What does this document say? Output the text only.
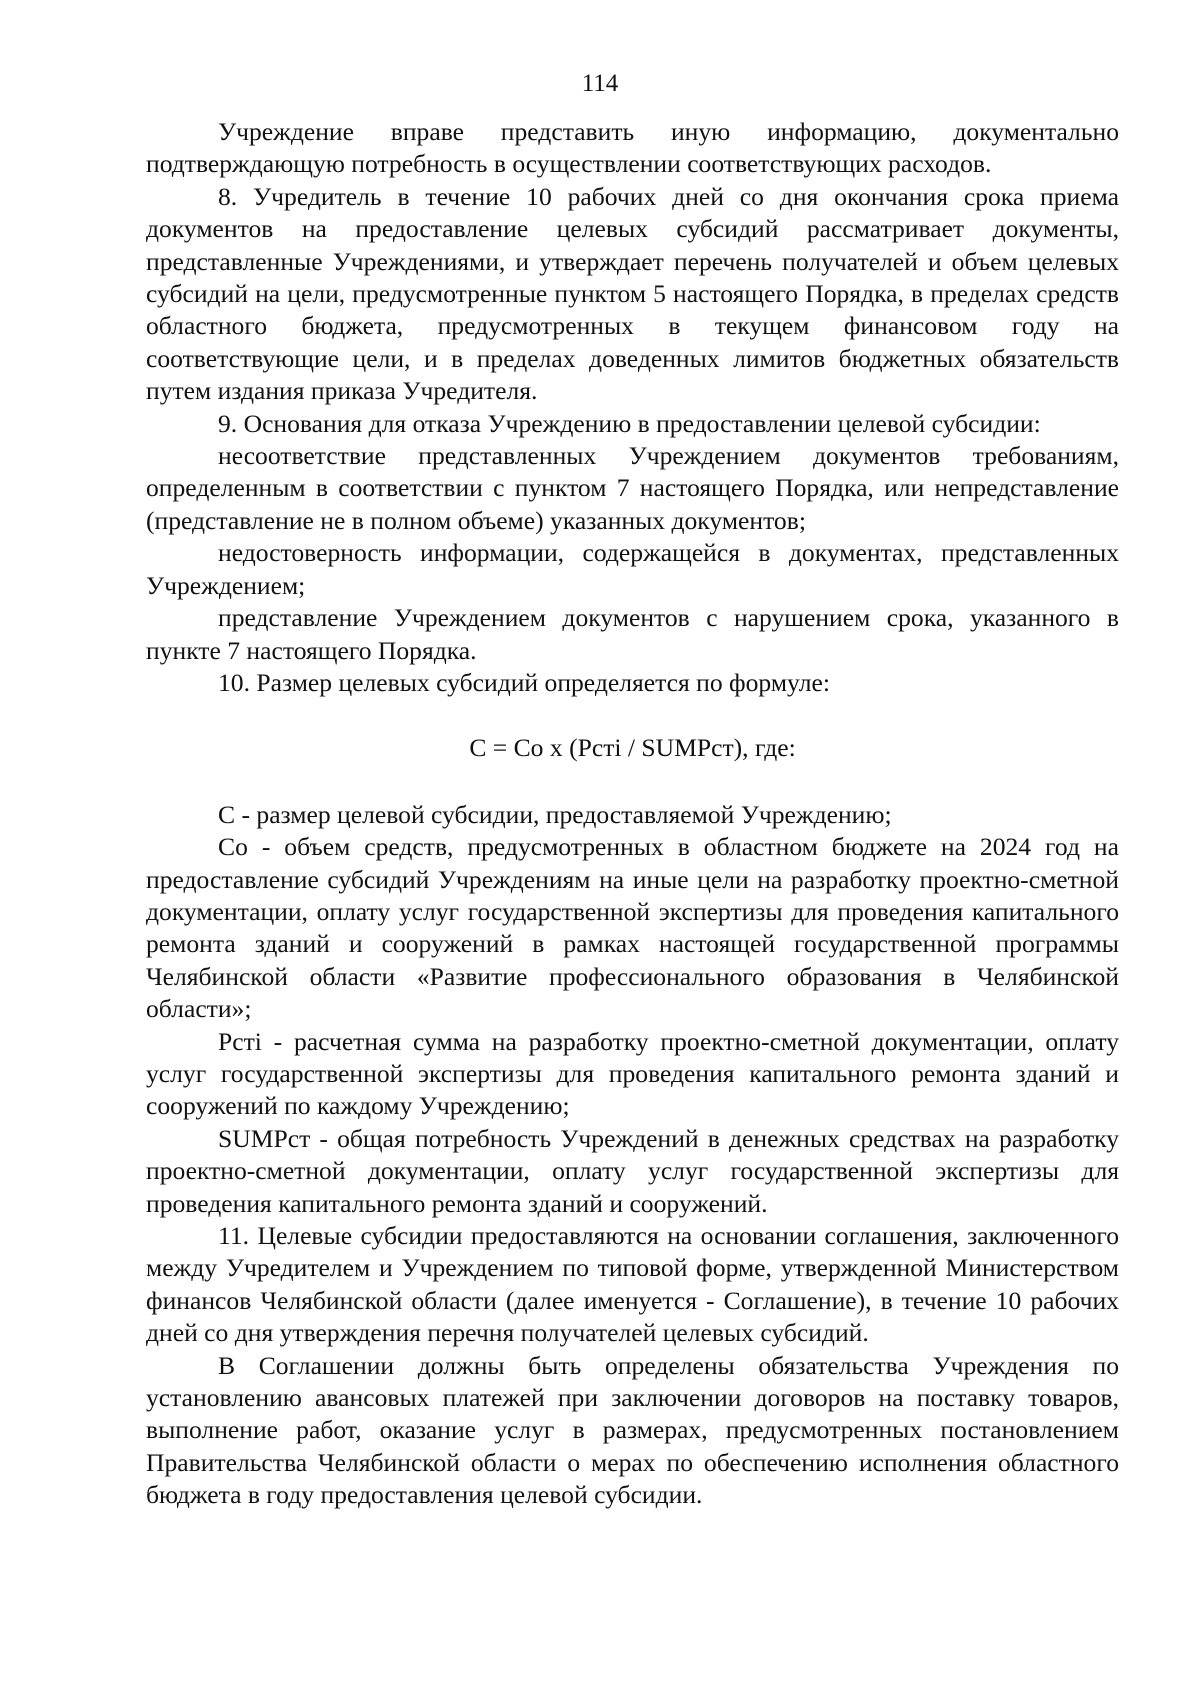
114

Учреждение вправе представить иную информацию, документально подтверждающую потребность в осуществлении соответствующих расходов.

8. Учредитель в течение 10 рабочих дней со дня окончания срока приема документов на предоставление целевых субсидий рассматривает документы, представленные Учреждениями, и утверждает перечень получателей и объем целевых субсидий на цели, предусмотренные пунктом 5 настоящего Порядка, в пределах средств областного бюджета, предусмотренных в текущем финансовом году на соответствующие цели, и в пределах доведенных лимитов бюджетных обязательств путем издания приказа Учредителя.

9. Основания для отказа Учреждению в предоставлении целевой субсидии:

несоответствие представленных Учреждением документов требованиям, определенным в соответствии с пунктом 7 настоящего Порядка, или непредставление (представление не в полном объеме) указанных документов;

недостоверность информации, содержащейся в документах, представленных Учреждением;

представление Учреждением документов с нарушением срока, указанного в пункте 7 настоящего Порядка.

10. Размер целевых субсидий определяется по формуле:

C = Co x (Pcтi / SUMPcт), где:

С - размер целевой субсидии, предоставляемой Учреждению;

Со - объем средств, предусмотренных в областном бюджете на 2024 год на предоставление субсидий Учреждениям на иные цели на разработку проектно-сметной документации, оплату услуг государственной экспертизы для проведения капитального ремонта зданий и сооружений в рамках настоящей государственной программы Челябинской области «Развитие профессионального образования в Челябинской области»;

Pcтi - расчетная сумма на разработку проектно-сметной документации, оплату услуг государственной экспертизы для проведения капитального ремонта зданий и сооружений по каждому Учреждению;

SUMPcт - общая потребность Учреждений в денежных средствах на разработку проектно-сметной документации, оплату услуг государственной экспертизы для проведения капитального ремонта зданий и сооружений.

11. Целевые субсидии предоставляются на основании соглашения, заключенного между Учредителем и Учреждением по типовой форме, утвержденной Министерством финансов Челябинской области (далее именуется - Соглашение), в течение 10 рабочих дней со дня утверждения перечня получателей целевых субсидий.

В Соглашении должны быть определены обязательства Учреждения по установлению авансовых платежей при заключении договоров на поставку товаров, выполнение работ, оказание услуг в размерах, предусмотренных постановлением Правительства Челябинской области о мерах по обеспечению исполнения областного бюджета в году предоставления целевой субсидии.
